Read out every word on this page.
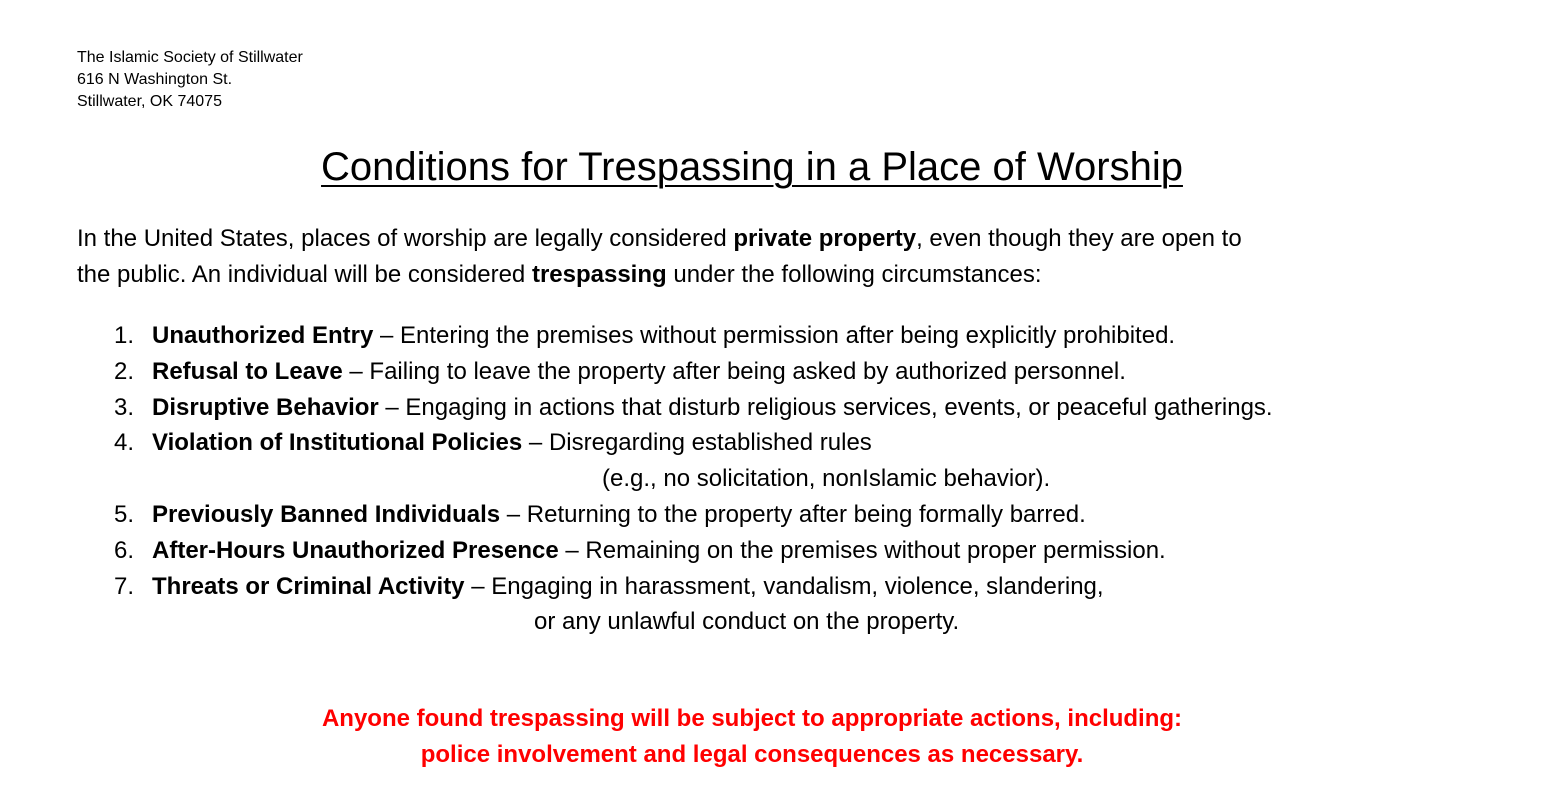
The Islamic Society of Stillwater
616 N Washington St.
Stillwater, OK 74075
Conditions for Trespassing in a Place of Worship
In the United States, places of worship are legally considered private property, even though they are open to
the public. An individual will be considered trespassing under the following circumstances:
1. Unauthorized Entry – Entering the premises without permission after being explicitly prohibited.
2. Refusal to Leave – Failing to leave the property after being asked by authorized personnel.
3. Disruptive Behavior – Engaging in actions that disturb religious services, events, or peaceful gatherings.
4. Violation of Institutional Policies – Disregarding established rules
(e.g., no solicitation, nonIslamic behavior).
5. Previously Banned Individuals – Returning to the property after being formally barred.
6. After-Hours Unauthorized Presence – Remaining on the premises without proper permission.
7. Threats or Criminal Activity – Engaging in harassment, vandalism, violence, slandering,
or any unlawful conduct on the property.
Anyone found trespassing will be subject to appropriate actions, including:
police involvement and legal consequences as necessary.
